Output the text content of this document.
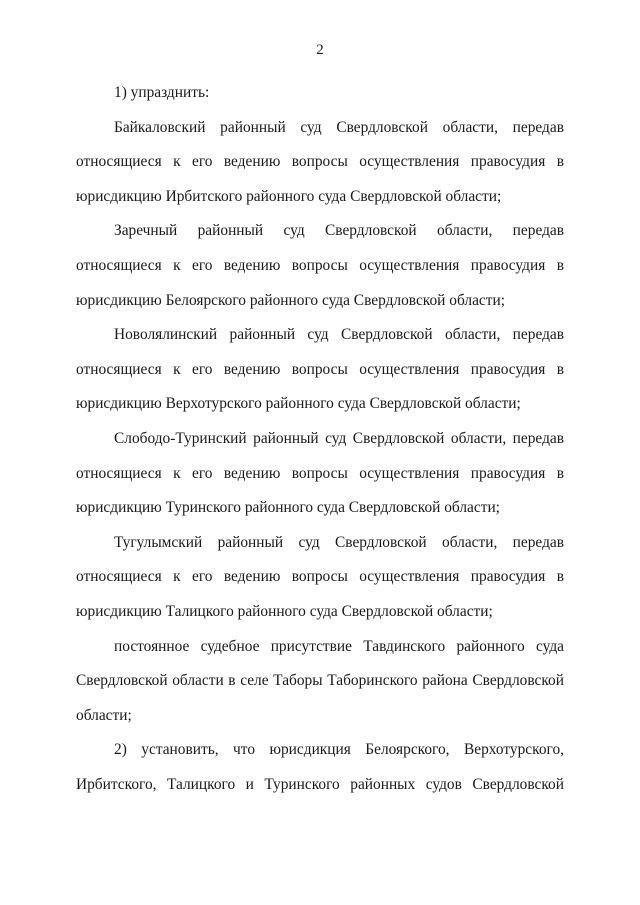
2
1) упразднить:
Байкаловский районный суд Свердловской области, передав
относящиеся к его ведению вопросы осуществления правосудия в
юрисдикцию Ирбитского районного суда Свердловской области;
Заречный районный суд Свердловской области, передав
относящиеся к его ведению вопросы осуществления правосудия в
юрисдикцию Белоярского районного суда Свердловской области;
Новолялинский районный суд Свердловской области, передав
относящиеся к его ведению вопросы осуществления правосудия в
юрисдикцию Верхотурского районного суда Свердловской области;
Слободо-Туринский районный суд Свердловской области, передав
относящиеся к его ведению вопросы осуществления правосудия в
юрисдикцию Туринского районного суда Свердловской области;
Тугулымский районный суд Свердловской области, передав
относящиеся к его ведению вопросы осуществления правосудия в
юрисдикцию Талицкого районного суда Свердловской области;
постоянное судебное присутствие Тавдинского районного суда
Свердловской области в селе Таборы Таборинского района Свердловской
области;
2) установить, что юрисдикция Белоярского, Верхотурского,
Ирбитского, Талицкого и Туринского районных судов Свердловской
